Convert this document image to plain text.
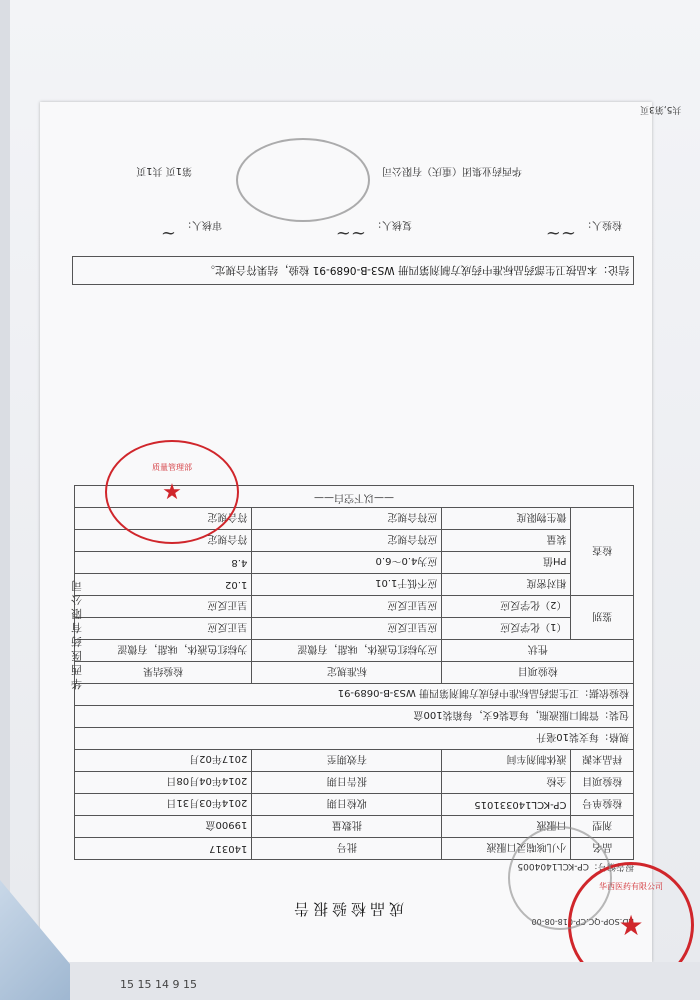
共5,第3页
RD.SOP-QC.CP-018-08-00
成品检验报告
报告编号：CP-KCL1404005
品名	小儿咳喘灵口服液	批号	140317
剂型	口服液	批数量	19900盒
检验单号	CP-KCL140331015	收检日期	2014年03月31日
检验项目	全检	报告日期	2014年04月08日
样品来源	液体制剂车间	有效期至	2017年02月
规格：每支装10毫升			
包装：管制口服液瓶，每盒装6支，每箱装100盒			
检验依据：卫生部药品标准中药成方制剂第四册 WS3-B-0689-91			
检验项目		标准规定	检验结果
性状		应为棕红色液体，味甜，有微涩	为棕红色液体，味甜，有微涩
鉴别	（1）化学反应	应呈正反应	呈正反应
	（2）化学反应	应呈正反应	呈正反应
检查	相对密度	应不低于1.01	1.02
	PH值	应为4.0～6.0	4.8
	装量	应符合规定	符合规定
	微生物限度	应符合规定	符合规定
——以下空白——			
结论：本品按卫生部药品标准中药成方制剂第四册 WS3-B-0689-91 检验，结果符合规定。
检验人：
~~
复核人：
~~
审核人：
~
华西药业集团（重庆）有限公司
第1页 共1页
华西医药有限公司
★
质量管理部
★
华西医药有限公司
15 15 14 9 15
